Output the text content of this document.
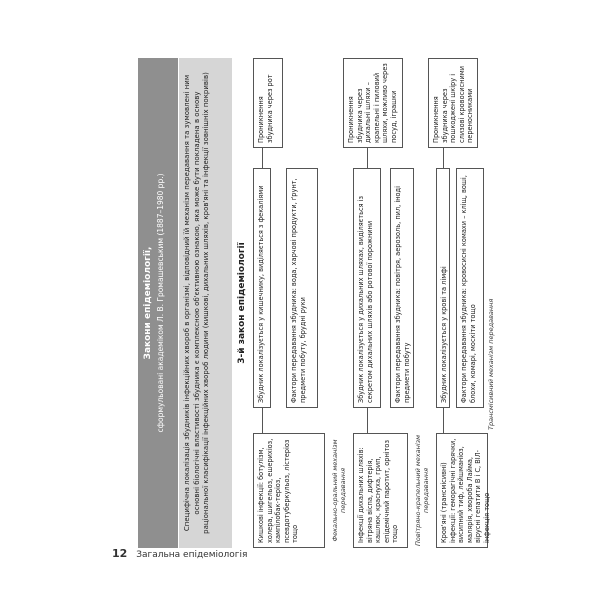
12 Загальна епідеміологія
Закони епідеміології, сформульовані академіком Л. В. Громашевським (1887–1980 рр.)	Специфічна локалізація збудників інфекційних хвороб в організмі, відповідний їй механізм передавання та зумовлені ним основні біологічні властивості збудника є комплексною об'єктивною ознакою, яка може бути покладена в основу раціональної класифікації інфекційних хвороб людини (кишкові, дихальних шляхів, кров'яні та інфекції зовнішніх покривів)	3-й закон епідеміології
Кишкові інфекції: ботулізм, холера, шигельоз, ешерихіоз, кампілобак-теріоз, псевдотуберкульоз, лістеріоз тощо	Фекально-оральний механізм передавання
Збудник локалізується у кишечнику, виділяється з фекаліями	Фактори передавання збудника: вода, харчові продукти, ґрунт, предмети побуту, брудні руки
Проникнення збудника через рот
Інфекції дихальних шляхів: вітряна віспа, дифтерія, кашлюк, краснуха, грип, епідемічний паротит, орнітоз тощо	Повітряно-крапельний механізм передавання
Збудник локалізується у дихальних шляхах, виділяється із секретом дихальних шляхів або ротової порожнини	Фактори передавання збудника: повітря, аерозоль, пил, іноді предмети побуту
Проникнення збудника через дихальні шляхи – крапельні і пиловий шляхи, можливо через посуд, іграшки
Кров'яні (трансмісивні) інфекції: геморагічні гарячки, висипний тиф, лейшманіоз, малярія, хвороба Лайма, вірусні гепатити B і C, ВІЛ-інфекція тощо
Збудник локалізується у крові та лімфі	Фактори передавання збудника: кровосисні комахи – кліщ, воші, блохи, комарі, москіти тощо
Проникнення збудника через пошкоджені шкіру і слизові кровосисними переносниками
Трансмісивний механізм передавання
